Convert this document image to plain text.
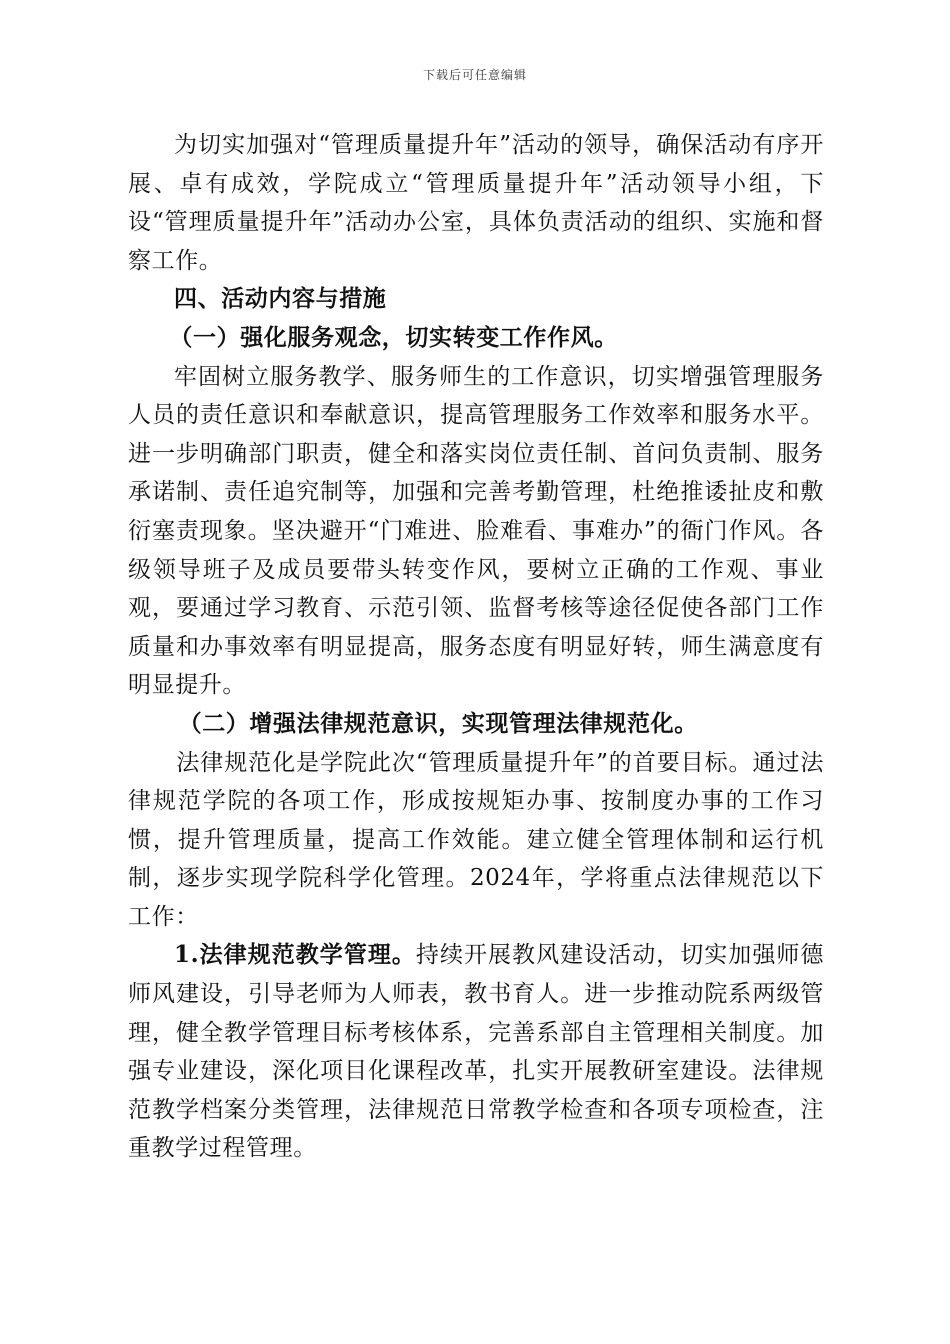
下载后可任意编辑

为切实加强对“管理质量提升年”活动的领导，确保活动有序开展、卓有成效，学院成立“管理质量提升年”活动领导小组，下设“管理质量提升年”活动办公室，具体负责活动的组织、实施和督察工作。

四、活动内容与措施

（一）强化服务观念，切实转变工作作风。

牢固树立服务教学、服务师生的工作意识，切实增强管理服务人员的责任意识和奉献意识，提高管理服务工作效率和服务水平。进一步明确部门职责，健全和落实岗位责任制、首问负责制、服务承诺制、责任追究制等，加强和完善考勤管理，杜绝推诿扯皮和敷衍塞责现象。坚决避开“门难进、脸难看、事难办”的衙门作风。各级领导班子及成员要带头转变作风，要树立正确的工作观、事业观，要通过学习教育、示范引领、监督考核等途径促使各部门工作质量和办事效率有明显提高，服务态度有明显好转，师生满意度有明显提升。

（二）增强法律规范意识，实现管理法律规范化。

法律规范化是学院此次“管理质量提升年”的首要目标。通过法律规范学院的各项工作，形成按规矩办事、按制度办事的工作习惯，提升管理质量，提高工作效能。建立健全管理体制和运行机制，逐步实现学院科学化管理。2024年，学将重点法律规范以下工作：

1.法律规范教学管理。持续开展教风建设活动，切实加强师德师风建设，引导老师为人师表，教书育人。进一步推动院系两级管理，健全教学管理目标考核体系，完善系部自主管理相关制度。加强专业建设，深化项目化课程改革，扎实开展教研室建设。法律规范教学档案分类管理，法律规范日常教学检查和各项专项检查，注重教学过程管理。
